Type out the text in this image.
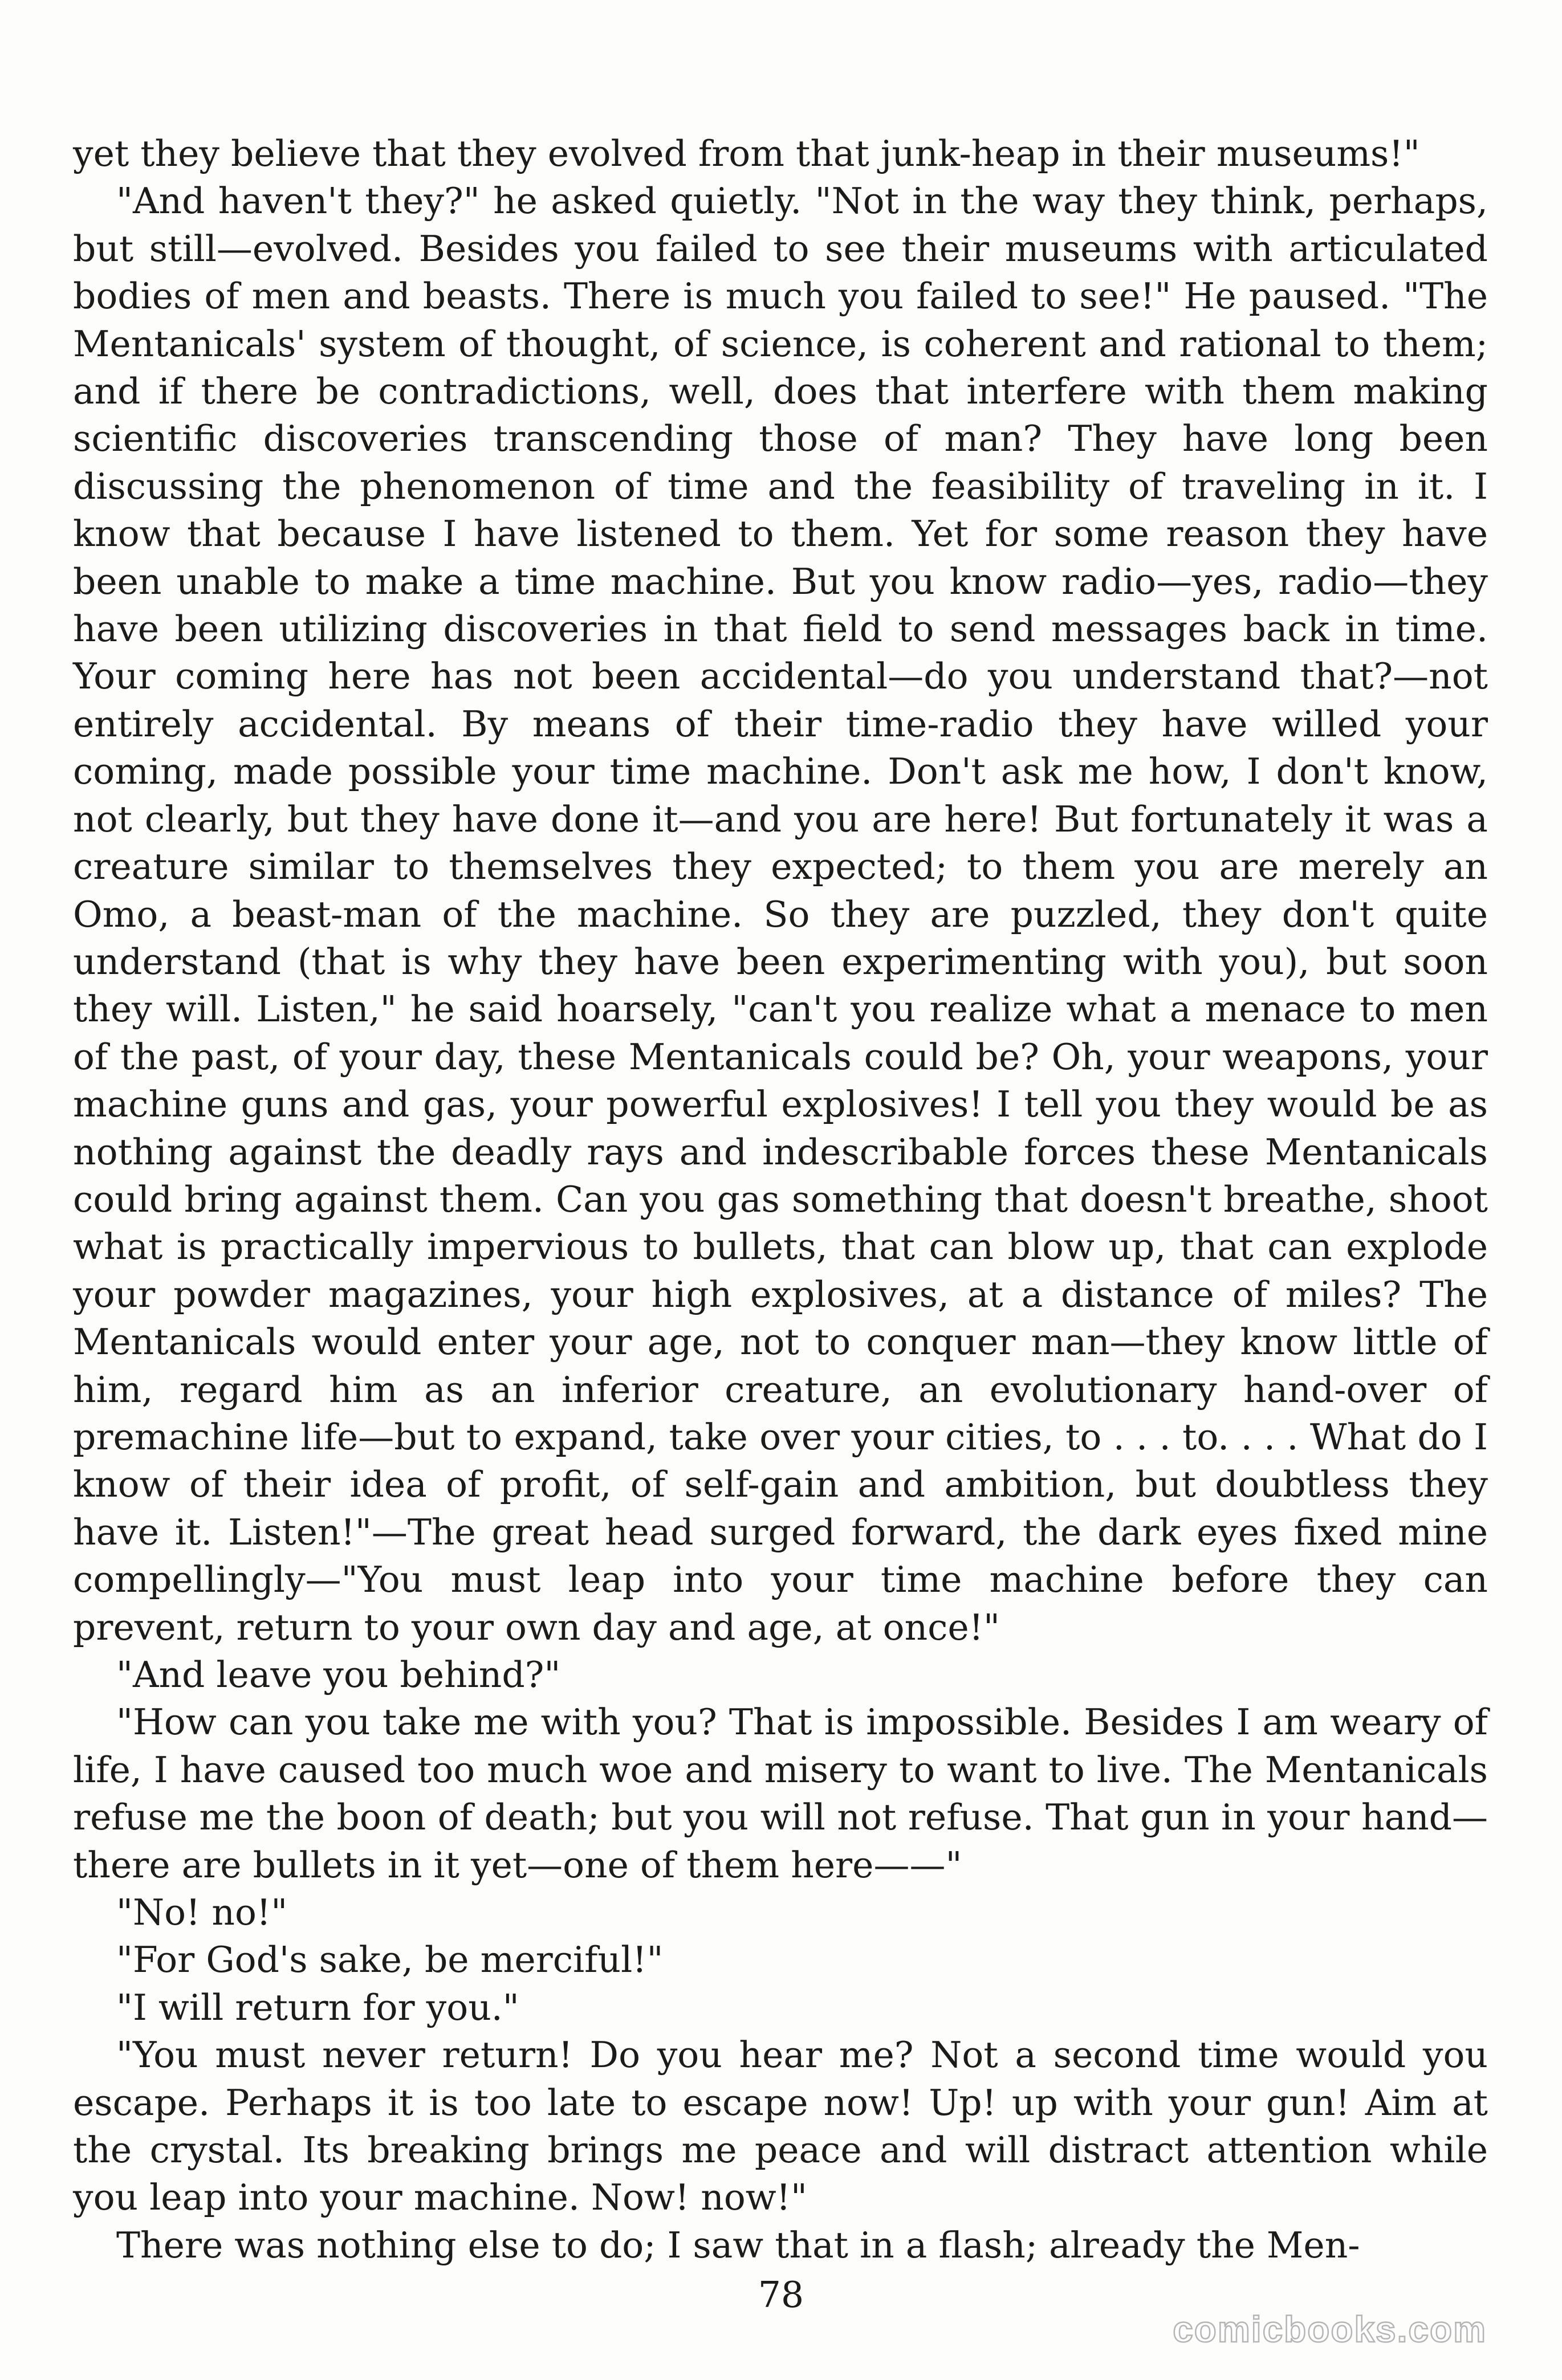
yet they believe that they evolved from that junk-heap in their museums!"

"And haven't they?" he asked quietly. "Not in the way they think, perhaps, but still—evolved. Besides you failed to see their museums with articulated bodies of men and beasts. There is much you failed to see!" He paused. "The Mentanicals' system of thought, of science, is coherent and rational to them; and if there be contradictions, well, does that interfere with them making scientific discoveries transcending those of man? They have long been discussing the phenomenon of time and the feasibility of traveling in it. I know that because I have listened to them. Yet for some reason they have been unable to make a time machine. But you know radio—yes, radio—they have been utilizing discoveries in that field to send messages back in time. Your coming here has not been accidental—do you understand that?—not entirely accidental. By means of their time-radio they have willed your coming, made possible your time machine. Don't ask me how, I don't know, not clearly, but they have done it—and you are here! But fortunately it was a creature similar to themselves they expected; to them you are merely an Omo, a beast-man of the machine. So they are puzzled, they don't quite understand (that is why they have been experimenting with you), but soon they will. Listen," he said hoarsely, "can't you realize what a menace to men of the past, of your day, these Mentanicals could be? Oh, your weapons, your machine guns and gas, your powerful explosives! I tell you they would be as nothing against the deadly rays and indescribable forces these Mentanicals could bring against them. Can you gas something that doesn't breathe, shoot what is practically impervious to bullets, that can blow up, that can explode your powder magazines, your high explosives, at a distance of miles? The Mentanicals would enter your age, not to conquer man—they know little of him, regard him as an inferior creature, an evolutionary hand-over of premachine life—but to expand, take over your cities, to . . . to. . . . What do I know of their idea of profit, of self-gain and ambition, but doubtless they have it. Listen!"—The great head surged forward, the dark eyes fixed mine compellingly—"You must leap into your time machine before they can prevent, return to your own day and age, at once!"

"And leave you behind?"

"How can you take me with you? That is impossible. Besides I am weary of life, I have caused too much woe and misery to want to live. The Mentanicals refuse me the boon of death; but you will not refuse. That gun in your hand—there are bullets in it yet—one of them here——"

"No! no!"

"For God's sake, be merciful!"

"I will return for you."

"You must never return! Do you hear me? Not a second time would you escape. Perhaps it is too late to escape now! Up! up with your gun! Aim at the crystal. Its breaking brings me peace and will distract attention while you leap into your machine. Now! now!"

There was nothing else to do; I saw that in a flash; already the Men-

78
comicbooks.com
